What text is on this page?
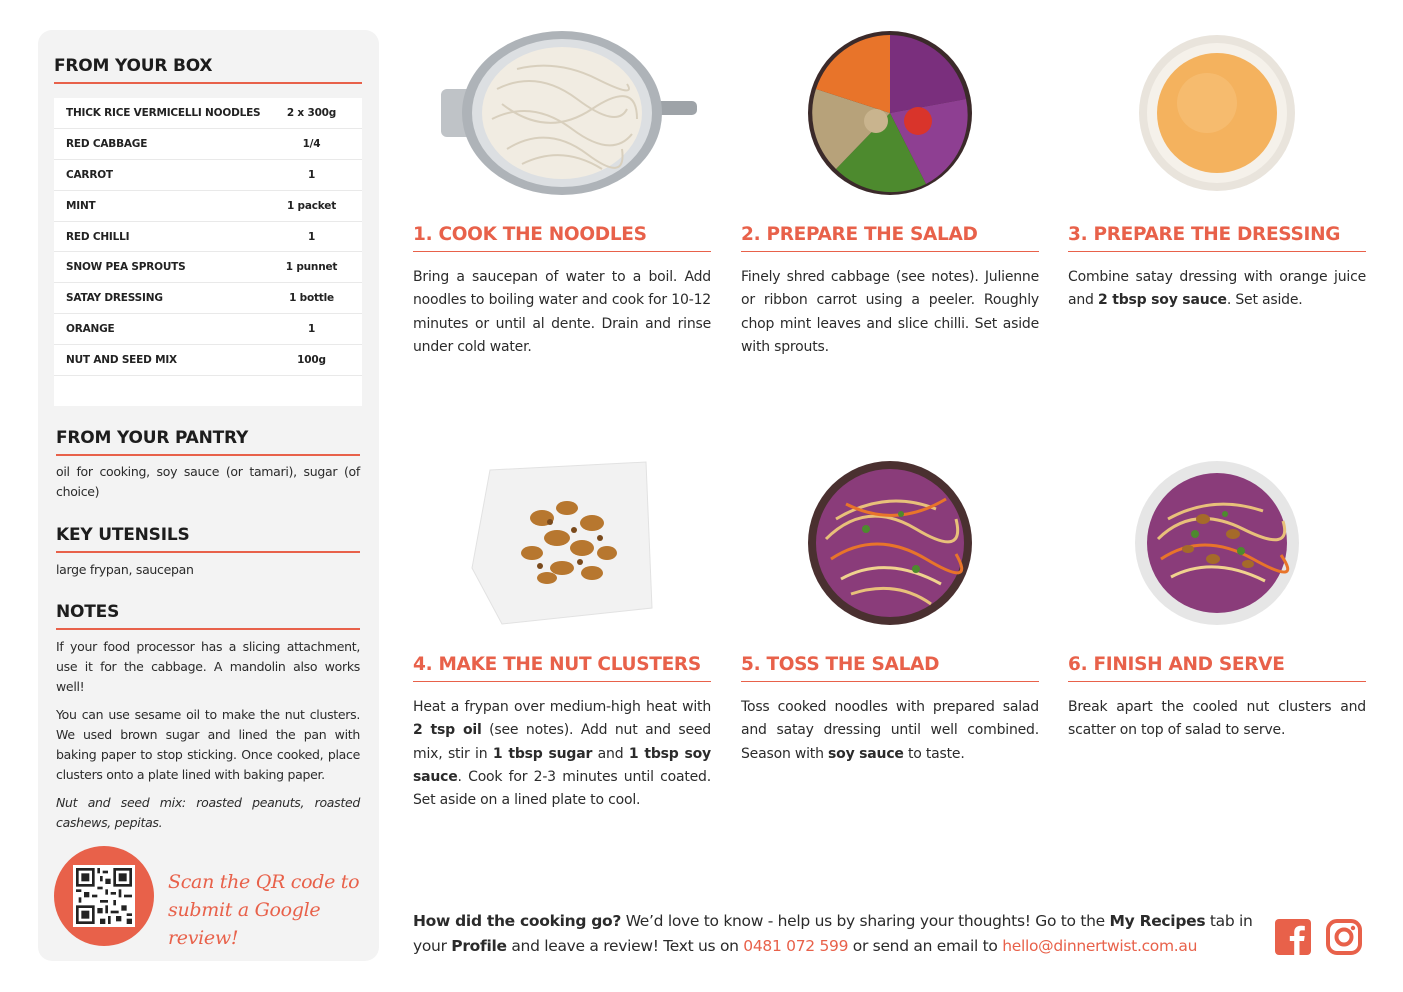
FROM YOUR BOX
THICK RICE VERMICELLI NOODLES	2 x 300g
RED CABBAGE	1/4
CARROT	1
MINT	1 packet
RED CHILLI	1
SNOW PEA SPROUTS	1 punnet
SATAY DRESSING	1 bottle
ORANGE	1
NUT AND SEED MIX	100g
FROM YOUR PANTRY
oil for cooking, soy sauce (or tamari), sugar (of choice)
KEY UTENSILS
large frypan, saucepan
NOTES

If your food processor has a slicing attachment, use it for the cabbage. A mandolin also works well!

You can use sesame oil to make the nut clusters. We used brown sugar and lined the pan with baking paper to stop sticking. Once cooked, place clusters onto a plate lined with baking paper.

Nut and seed mix: roasted peanuts, roasted cashews, pepitas.

Scan the QR code to
submit a Google review!
1. COOK THE NOODLES
Bring a saucepan of water to a boil. Add noodles to boiling water and cook for 10-12 minutes or until al dente. Drain and rinse under cold water.
2. PREPARE THE SALAD
Finely shred cabbage (see notes). Julienne or ribbon carrot using a peeler. Roughly chop mint leaves and slice chilli. Set aside with sprouts.
3. PREPARE THE DRESSING
Combine satay dressing with orange juice and 2 tbsp soy sauce. Set aside.
4. MAKE THE NUT CLUSTERS
Heat a frypan over medium-high heat with 2 tsp oil (see notes). Add nut and seed mix, stir in 1 tbsp sugar and 1 tbsp soy sauce. Cook for 2-3 minutes until coated. Set aside on a lined plate to cool.
5. TOSS THE SALAD
Toss cooked noodles with prepared salad and satay dressing until well combined. Season with soy sauce to taste.
6. FINISH AND SERVE
Break apart the cooled nut clusters and scatter on top of salad to serve.
How did the cooking go? We’d love to know - help us by sharing your thoughts! Go to the My Recipes tab in your Profile and leave a review! Text us on 0481 072 599 or send an email to hello@dinnertwist.com.au
